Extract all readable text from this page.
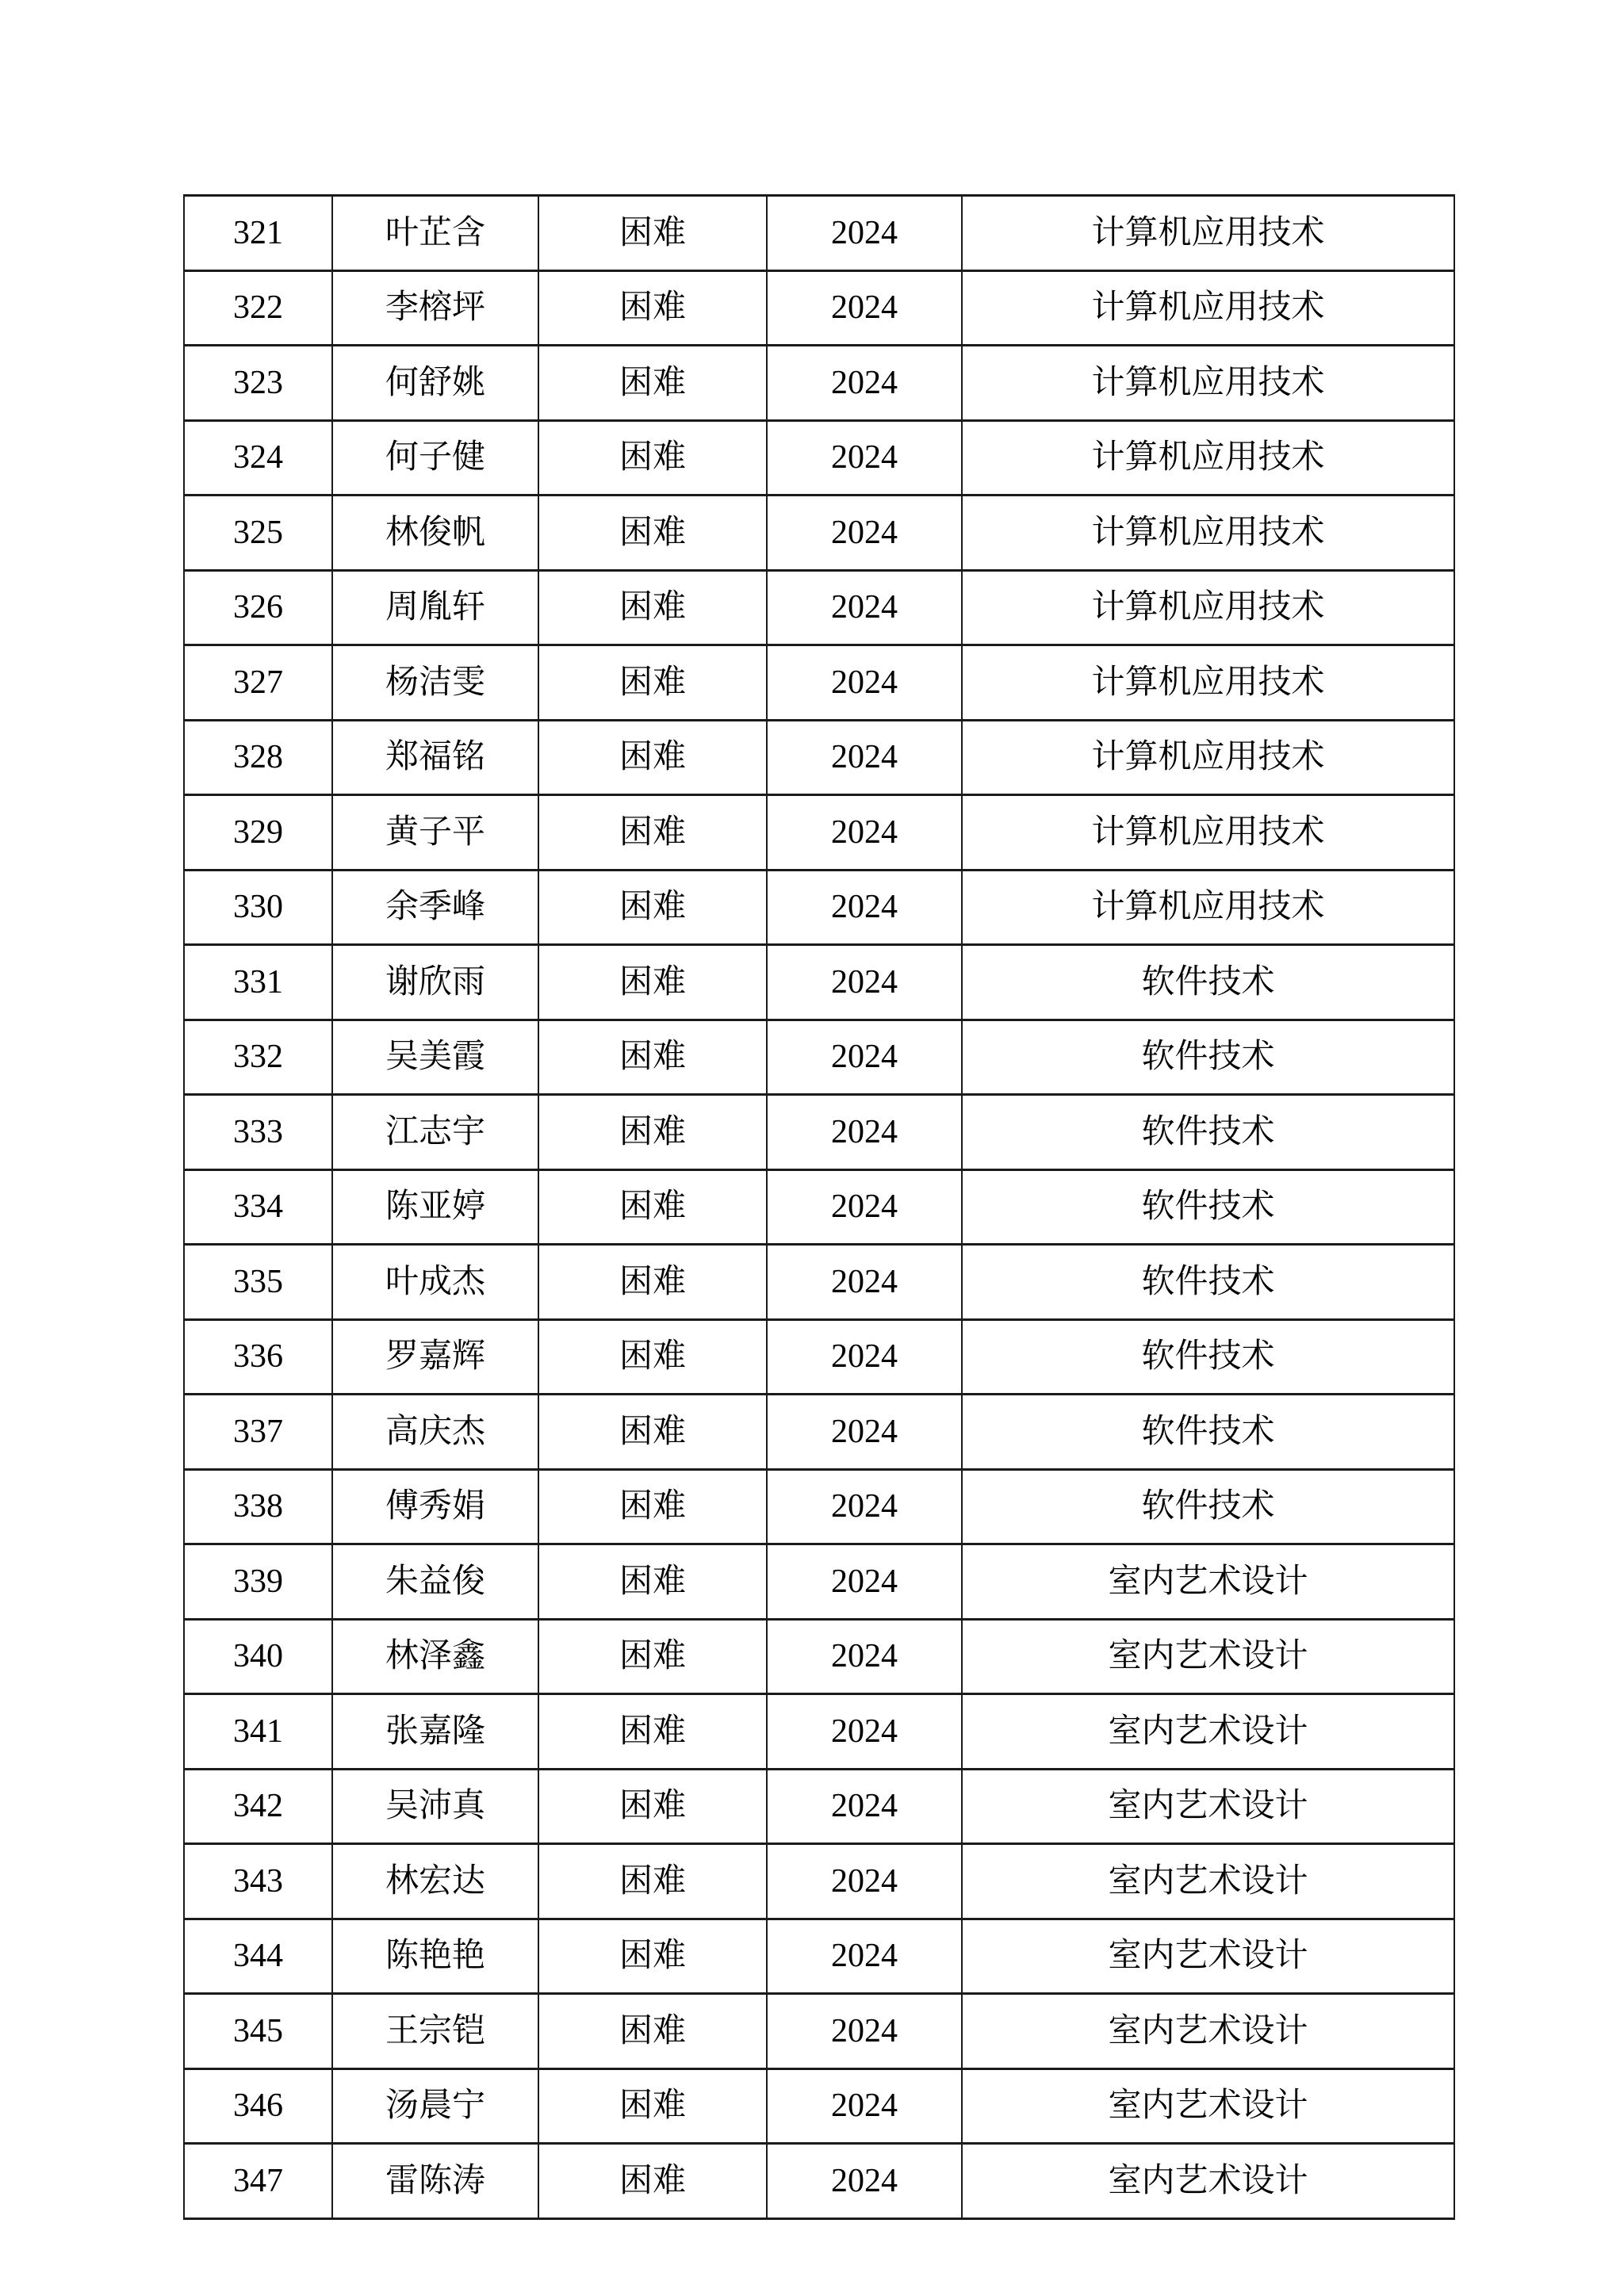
321	叶芷含	困难	2024	计算机应用技术
322	李榕坪	困难	2024	计算机应用技术
323	何舒姚	困难	2024	计算机应用技术
324	何子健	困难	2024	计算机应用技术
325	林俊帆	困难	2024	计算机应用技术
326	周胤轩	困难	2024	计算机应用技术
327	杨洁雯	困难	2024	计算机应用技术
328	郑福铭	困难	2024	计算机应用技术
329	黄子平	困难	2024	计算机应用技术
330	余季峰	困难	2024	计算机应用技术
331	谢欣雨	困难	2024	软件技术
332	吴美霞	困难	2024	软件技术
333	江志宇	困难	2024	软件技术
334	陈亚婷	困难	2024	软件技术
335	叶成杰	困难	2024	软件技术
336	罗嘉辉	困难	2024	软件技术
337	高庆杰	困难	2024	软件技术
338	傅秀娟	困难	2024	软件技术
339	朱益俊	困难	2024	室内艺术设计
340	林泽鑫	困难	2024	室内艺术设计
341	张嘉隆	困难	2024	室内艺术设计
342	吴沛真	困难	2024	室内艺术设计
343	林宏达	困难	2024	室内艺术设计
344	陈艳艳	困难	2024	室内艺术设计
345	王宗铠	困难	2024	室内艺术设计
346	汤晨宁	困难	2024	室内艺术设计
347	雷陈涛	困难	2024	室内艺术设计
